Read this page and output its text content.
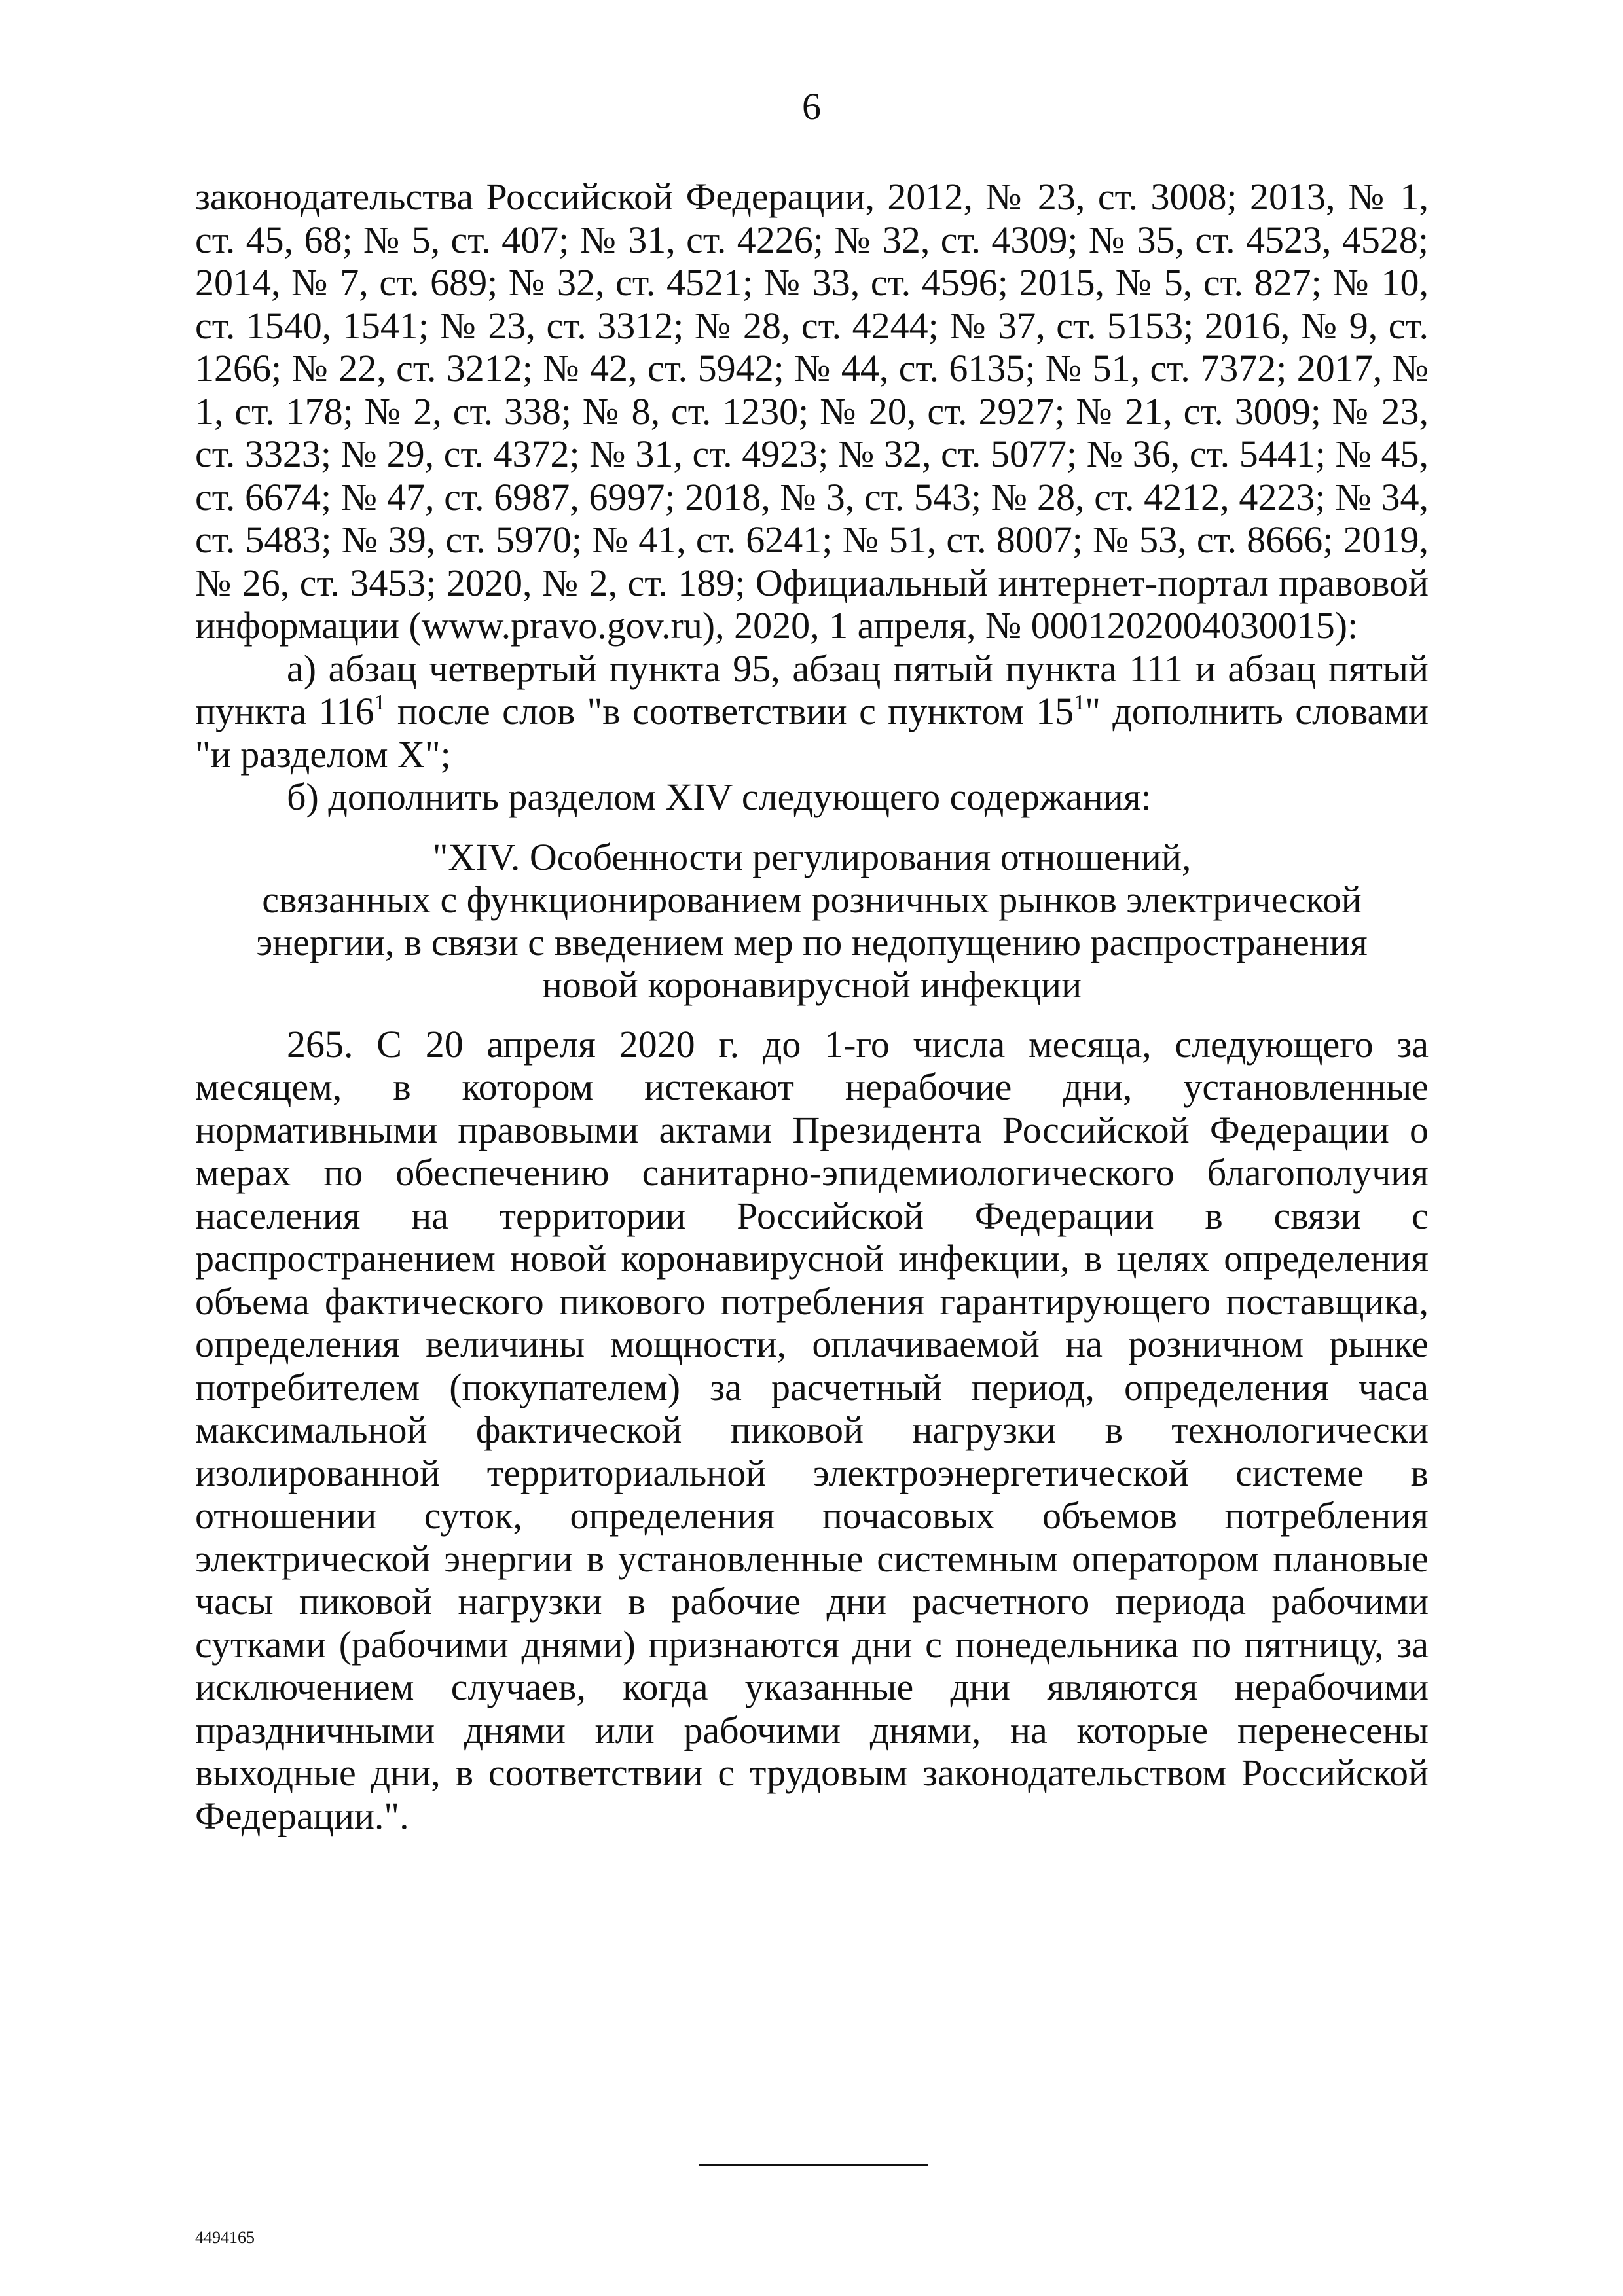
6

законодательства Российской Федерации, 2012, № 23, ст. 3008; 2013, № 1, ст. 45, 68; № 5, ст. 407; № 31, ст. 4226; № 32, ст. 4309; № 35, ст. 4523, 4528; 2014, № 7, ст. 689; № 32, ст. 4521; № 33, ст. 4596; 2015, № 5, ст. 827; № 10, ст. 1540, 1541; № 23, ст. 3312; № 28, ст. 4244; № 37, ст. 5153; 2016, № 9, ст. 1266; № 22, ст. 3212; № 42, ст. 5942; № 44, ст. 6135; № 51, ст. 7372; 2017, № 1, ст. 178; № 2, ст. 338; № 8, ст. 1230; № 20, ст. 2927; № 21, ст. 3009; № 23, ст. 3323; № 29, ст. 4372; № 31, ст. 4923; № 32, ст. 5077; № 36, ст. 5441; № 45, ст. 6674; № 47, ст. 6987, 6997; 2018, № 3, ст. 543; № 28, ст. 4212, 4223; № 34, ст. 5483; № 39, ст. 5970; № 41, ст. 6241; № 51, ст. 8007; № 53, ст. 8666; 2019, № 26, ст. 3453; 2020, № 2, ст. 189; Официальный интернет-портал правовой информации (www.pravo.gov.ru), 2020, 1 апреля, № 0001202004030015):

а) абзац четвертый пункта 95, абзац пятый пункта 111 и абзац пятый пункта $116^1$ после слов "в соответствии с пунктом $15^1$" дополнить словами "и разделом X";

б) дополнить разделом XIV следующего содержания:

"XIV. Особенности регулирования отношений,
связанных с функционированием розничных рынков электрической
энергии, в связи с введением мер по недопущению распространения
новой коронавирусной инфекции

265. С 20 апреля 2020 г. до 1-го числа месяца, следующего за месяцем, в котором истекают нерабочие дни, установленные нормативными правовыми актами Президента Российской Федерации о мерах по обеспечению санитарно-эпидемиологического благополучия населения на территории Российской Федерации в связи с распространением новой коронавирусной инфекции, в целях определения объема фактического пикового потребления гарантирующего поставщика, определения величины мощности, оплачиваемой на розничном рынке потребителем (покупателем) за расчетный период, определения часа максимальной фактической пиковой нагрузки в технологически изолированной территориальной электроэнергетической системе в отношении суток, определения почасовых объемов потребления электрической энергии в установленные системным оператором плановые часы пиковой нагрузки в рабочие дни расчетного периода рабочими сутками (рабочими днями) признаются дни с понедельника по пятницу, за исключением случаев, когда указанные дни являются нерабочими праздничными днями или рабочими днями, на которые перенесены выходные дни, в соответствии с трудовым законодательством Российской Федерации.".

4494165
